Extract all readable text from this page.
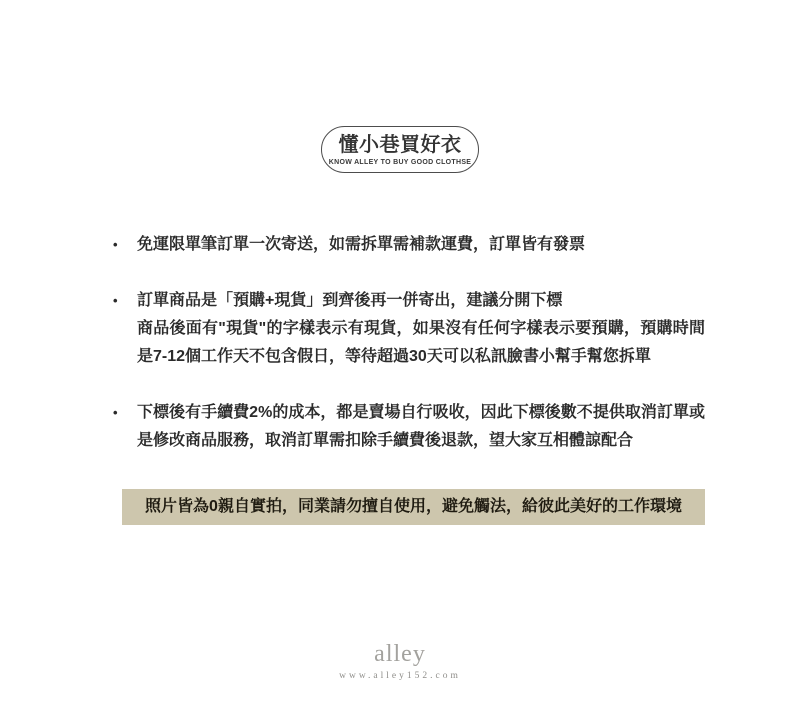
懂小巷買好衣
KNOW ALLEY TO BUY GOOD CLOTHSE
•	免運限單筆訂單一次寄送，如需拆單需補款運費，訂單皆有發票

•	訂單商品是「預購+現貨」到齊後再一併寄出，建議分開下標

商品後面有"現貨"的字樣表示有現貨，如果沒有任何字樣表示要預購，預購時間是7-12個工作天不包含假日，等待超過30天可以私訊臉書小幫手幫您拆單

•	下標後有手續費2%的成本，都是賣場自行吸收，因此下標後數不提供取消訂單或是修改商品服務，取消訂單需扣除手續費後退款，望大家互相體諒配合

照片皆為0親自實拍，同業請勿擅自使用，避免觸法，給彼此美好的工作環境
alley
www.alley152.com
